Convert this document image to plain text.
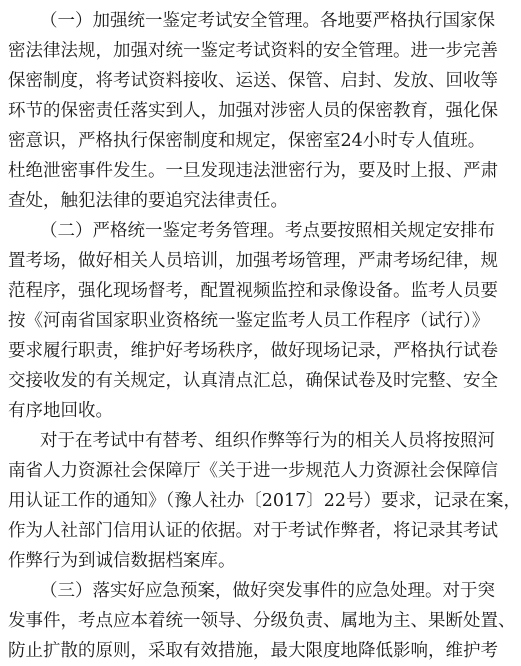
（一）加强统一鉴定考试安全管理。各地要严格执行国家保
密法律法规，加强对统一鉴定考试资料的安全管理。进一步完善
保密制度，将考试资料接收、运送、保管、启封、发放、回收等
环节的保密责任落实到人，加强对涉密人员的保密教育，强化保
密意识，严格执行保密制度和规定，保密室24小时专人值班。
杜绝泄密事件发生。一旦发现违法泄密行为，要及时上报、严肃
查处，触犯法律的要追究法律责任。
（二）严格统一鉴定考务管理。考点要按照相关规定安排布
置考场，做好相关人员培训，加强考场管理，严肃考场纪律，规
范程序，强化现场督考，配置视频监控和录像设备。监考人员要
按《河南省国家职业资格统一鉴定监考人员工作程序（试行）》
要求履行职责，维护好考场秩序，做好现场记录，严格执行试卷
交接收发的有关规定，认真清点汇总，确保试卷及时完整、安全
有序地回收。
对于在考试中有替考、组织作弊等行为的相关人员将按照河
南省人力资源社会保障厅《关于进一步规范人力资源社会保障信
用认证工作的通知》（豫人社办〔2017〕22号）要求，记录在案，
作为人社部门信用认证的依据。对于考试作弊者，将记录其考试
作弊行为到诚信数据档案库。
（三）落实好应急预案，做好突发事件的应急处理。对于突
发事件，考点应本着统一领导、分级负责、属地为主、果断处置、
防止扩散的原则，采取有效措施，最大限度地降低影响，维护考
